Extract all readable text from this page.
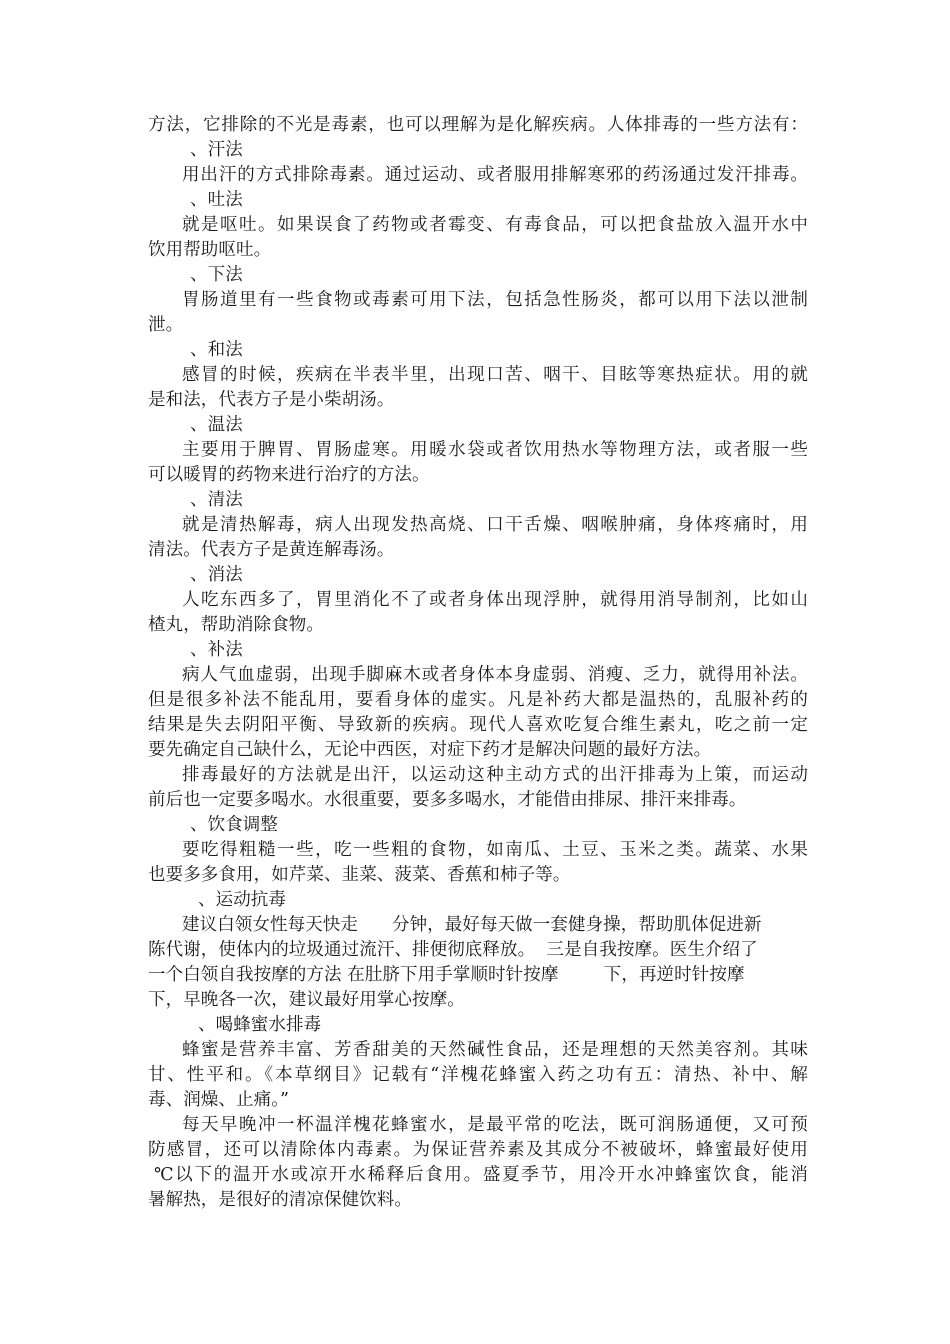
方法，它排除的不光是毒素，也可以理解为是化解疾病。人体排毒的一些方法有：
、汗法
用出汗的方式排除毒素。通过运动、或者服用排解寒邪的药汤通过发汗排毒。
、吐法
就是呕吐。如果误食了药物或者霉变、有毒食品，可以把食盐放入温开水中
饮用帮助呕吐。
、下法
胃肠道里有一些食物或毒素可用下法，包括急性肠炎，都可以用下法以泄制
泄。
、和法
感冒的时候，疾病在半表半里，出现口苦、咽干、目眩等寒热症状。用的就
是和法，代表方子是小柴胡汤。
、温法
主要用于脾胃、胃肠虚寒。用暖水袋或者饮用热水等物理方法，或者服一些
可以暖胃的药物来进行治疗的方法。
、清法
就是清热解毒，病人出现发热高烧、口干舌燥、咽喉肿痛，身体疼痛时，用
清法。代表方子是黄连解毒汤。
、消法
人吃东西多了，胃里消化不了或者身体出现浮肿，就得用消导制剂，比如山
楂丸，帮助消除食物。
、补法
病人气血虚弱，出现手脚麻木或者身体本身虚弱、消瘦、乏力，就得用补法。
但是很多补法不能乱用，要看身体的虚实。凡是补药大都是温热的，乱服补药的
结果是失去阴阳平衡、导致新的疾病。现代人喜欢吃复合维生素丸，吃之前一定
要先确定自己缺什么，无论中西医，对症下药才是解决问题的最好方法。
排毒最好的方法就是出汗，以运动这种主动方式的出汗排毒为上策，而运动
前后也一定要多喝水。水很重要，要多多喝水，才能借由排尿、排汗来排毒。
、饮食调整
要吃得粗糙一些，吃一些粗的食物，如南瓜、土豆、玉米之类。蔬菜、水果
也要多多食用，如芹菜、韭菜、菠菜、香蕉和柿子等。
、运动抗毒
建议白领女性每天快走      分钟，最好每天做一套健身操，帮助肌体促进新
陈代谢，使体内的垃圾通过流汗、排便彻底释放。  三是自我按摩。医生介绍了
一个白领自我按摩的方法 在肚脐下用手掌顺时针按摩        下，再逆时针按摩
下，早晚各一次，建议最好用掌心按摩。
、喝蜂蜜水排毒
蜂蜜是营养丰富、芳香甜美的天然碱性食品，还是理想的天然美容剂。其味
甘、性平和。《本草纲目》记载有“洋槐花蜂蜜入药之功有五：清热、补中、解
毒、润燥、止痛。”
每天早晚冲一杯温洋槐花蜂蜜水，是最平常的吃法，既可润肠通便，又可预
防感冒，还可以清除体内毒素。为保证营养素及其成分不被破坏，蜂蜜最好使用
℃以下的温开水或凉开水稀释后食用。盛夏季节，用冷开水冲蜂蜜饮食，能消
暑解热，是很好的清凉保健饮料。
